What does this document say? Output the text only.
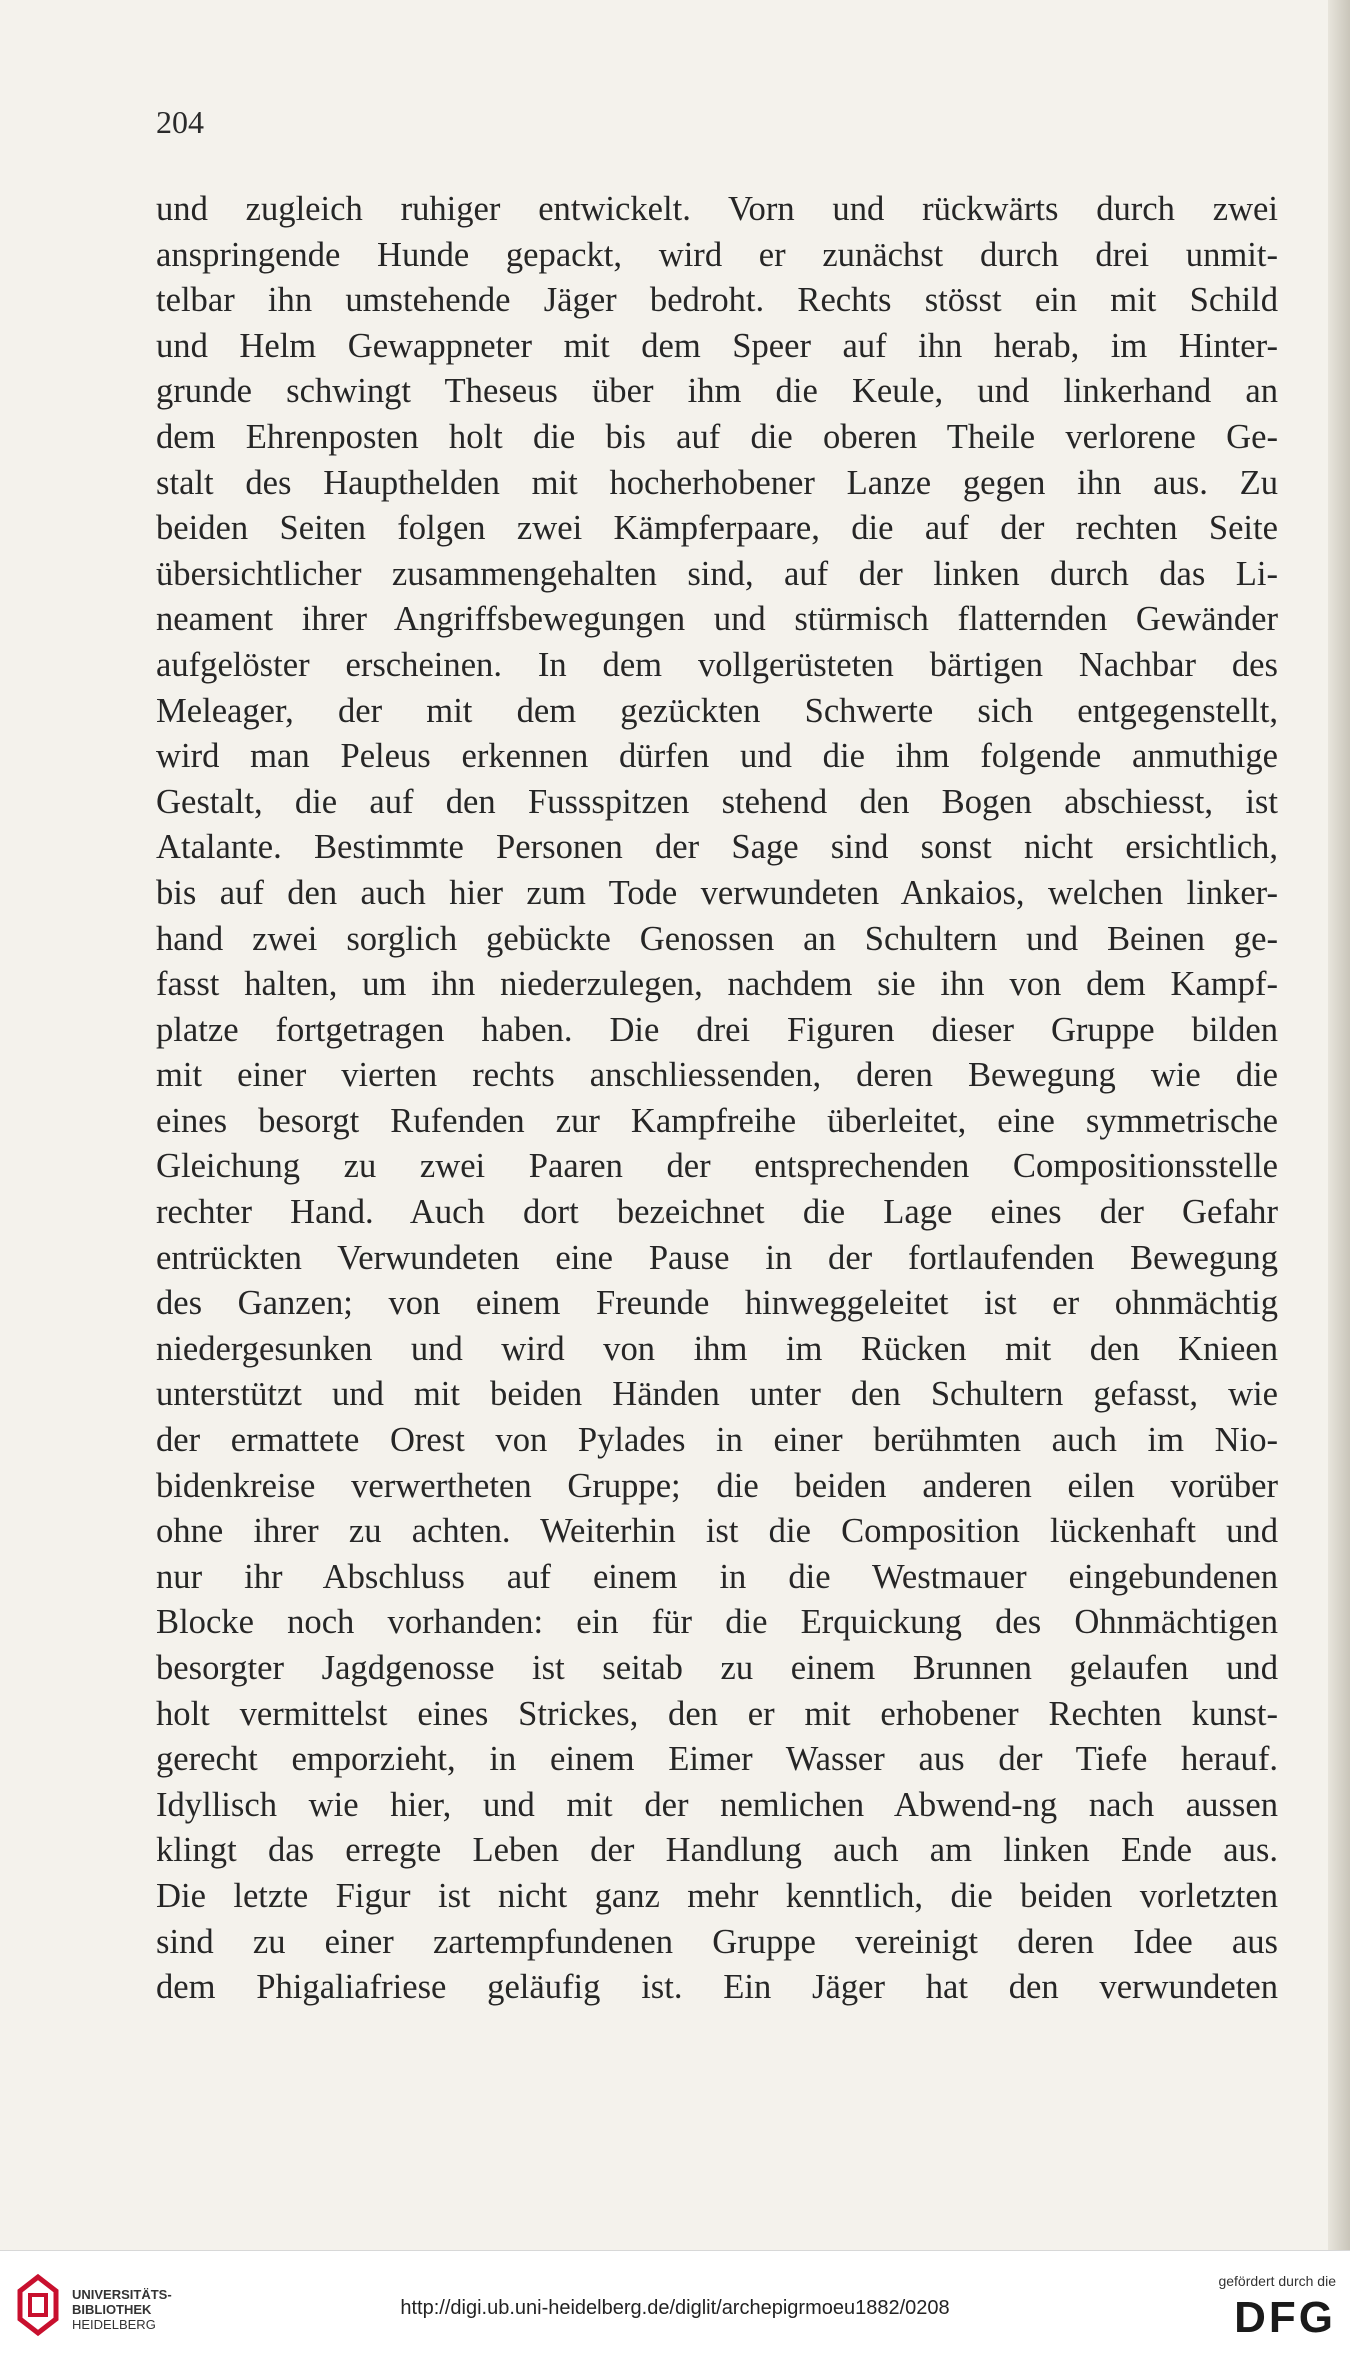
204
und zugleich ruhiger entwickelt. Vorn und rückwärts durch zwei
anspringende Hunde gepackt, wird er zunächst durch drei unmit-
telbar ihn umstehende Jäger bedroht. Rechts stösst ein mit Schild
und Helm Gewappneter mit dem Speer auf ihn herab, im Hinter-
grunde schwingt Theseus über ihm die Keule, und linkerhand an
dem Ehrenposten holt die bis auf die oberen Theile verlorene Ge-
stalt des Haupthelden mit hocherhobener Lanze gegen ihn aus. Zu
beiden Seiten folgen zwei Kämpferpaare, die auf der rechten Seite
übersichtlicher zusammengehalten sind, auf der linken durch das Li-
neament ihrer Angriffsbewegungen und stürmisch flatternden Gewänder
aufgelöster erscheinen. In dem vollgerüsteten bärtigen Nachbar des
Meleager, der mit dem gezückten Schwerte sich entgegenstellt,
wird man Peleus erkennen dürfen und die ihm folgende anmuthige
Gestalt, die auf den Fussspitzen stehend den Bogen abschiesst, ist
Atalante. Bestimmte Personen der Sage sind sonst nicht ersichtlich,
bis auf den auch hier zum Tode verwundeten Ankaios, welchen linker-
hand zwei sorglich gebückte Genossen an Schultern und Beinen ge-
fasst halten, um ihn niederzulegen, nachdem sie ihn von dem Kampf-
platze fortgetragen haben. Die drei Figuren dieser Gruppe bilden
mit einer vierten rechts anschliessenden, deren Bewegung wie die
eines besorgt Rufenden zur Kampfreihe überleitet, eine symmetrische
Gleichung zu zwei Paaren der entsprechenden Compositionsstelle
rechter Hand. Auch dort bezeichnet die Lage eines der Gefahr
entrückten Verwundeten eine Pause in der fortlaufenden Bewegung
des Ganzen; von einem Freunde hinweggeleitet ist er ohnmächtig
niedergesunken und wird von ihm im Rücken mit den Knieen
unterstützt und mit beiden Händen unter den Schultern gefasst, wie
der ermattete Orest von Pylades in einer berühmten auch im Nio-
bidenkreise verwertheten Gruppe; die beiden anderen eilen vorüber
ohne ihrer zu achten. Weiterhin ist die Composition lückenhaft und
nur ihr Abschluss auf einem in die Westmauer eingebundenen
Blocke noch vorhanden: ein für die Erquickung des Ohnmächtigen
besorgter Jagdgenosse ist seitab zu einem Brunnen gelaufen und
holt vermittelst eines Strickes, den er mit erhobener Rechten kunst-
gerecht emporzieht, in einem Eimer Wasser aus der Tiefe herauf.
Idyllisch wie hier, und mit der nemlichen Abwend-ng nach aussen
klingt das erregte Leben der Handlung auch am linken Ende aus.
Die letzte Figur ist nicht ganz mehr kenntlich, die beiden vorletzten
sind zu einer zartempfundenen Gruppe vereinigt deren Idee aus
dem Phigaliafriese geläufig ist. Ein Jäger hat den verwundeten
UNIVERSITÄTS-
BIBLIOTHEK
HEIDELBERG
http://digi.ub.uni-heidelberg.de/diglit/archepigrmoeu1882/0208
gefördert durch die
DFG
